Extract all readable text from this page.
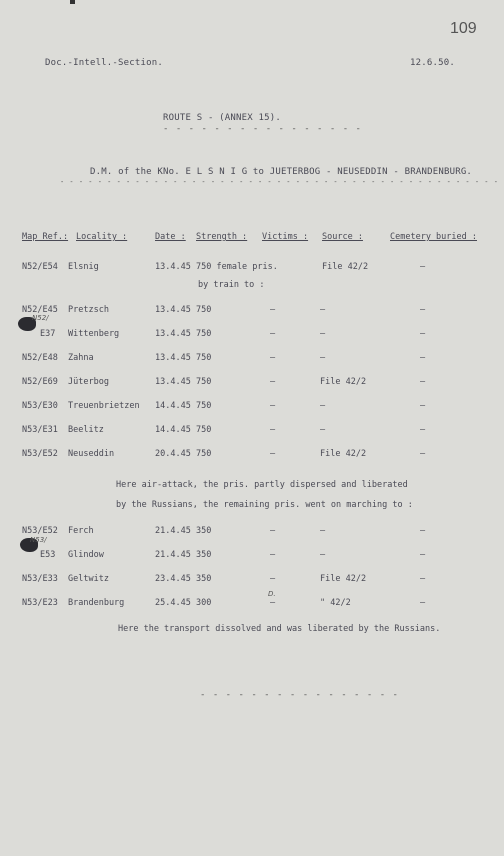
109
Doc.-Intell.-Section.	12.6.50.
ROUTE S - (ANNEX 15).
- - - - - - - - - - - - - - - -
D.M. of the KNo. E L S N I G to JUETERBOG - NEUSEDDIN - BRANDENBURG.
- - - - - - - - - - - - - - - - - - - - - - - - - - - - - - - - - - - - - - - - - - - - - - -
Map Ref.: Locality :	Date : Strength : Victims : Source :	Cemetery buried :
N52/E54 Elsnig	13.4.45 750 female pris.	File 42/2	—
by train to :
N52/E45 Pretzsch	13.4.45 750	—	—	—
E37 Wittenberg	13.4.45 750	—	—	—
N52/E48 Zahna	13.4.45 750	—	—	—
N52/E69 Jüterbog	13.4.45 750	—	File 42/2	—
N53/E30 Treuenbrietzen 14.4.45 750	—	—	—
N53/E31 Beelitz	14.4.45 750	—	—	—
N53/E52 Neuseddin	20.4.45 750	—	File 42/2	—
Here air-attack, the pris. partly dispersed and liberated
by the Russians, the remaining pris. went on marching to :
N53/E52 Ferch	21.4.45 350	—	—	—
E53 Glindow	21.4.45 350	—	—	—
N53/E33 Geltwitz	23.4.45 350	—	File 42/2	—
N53/E23 Brandenburg	25.4.45 300	—	" 42/2	—
Here the transport dissolved and was liberated by the Russians.
- - - - - - - - - - - - - - - -
N52/
N53/
D.
